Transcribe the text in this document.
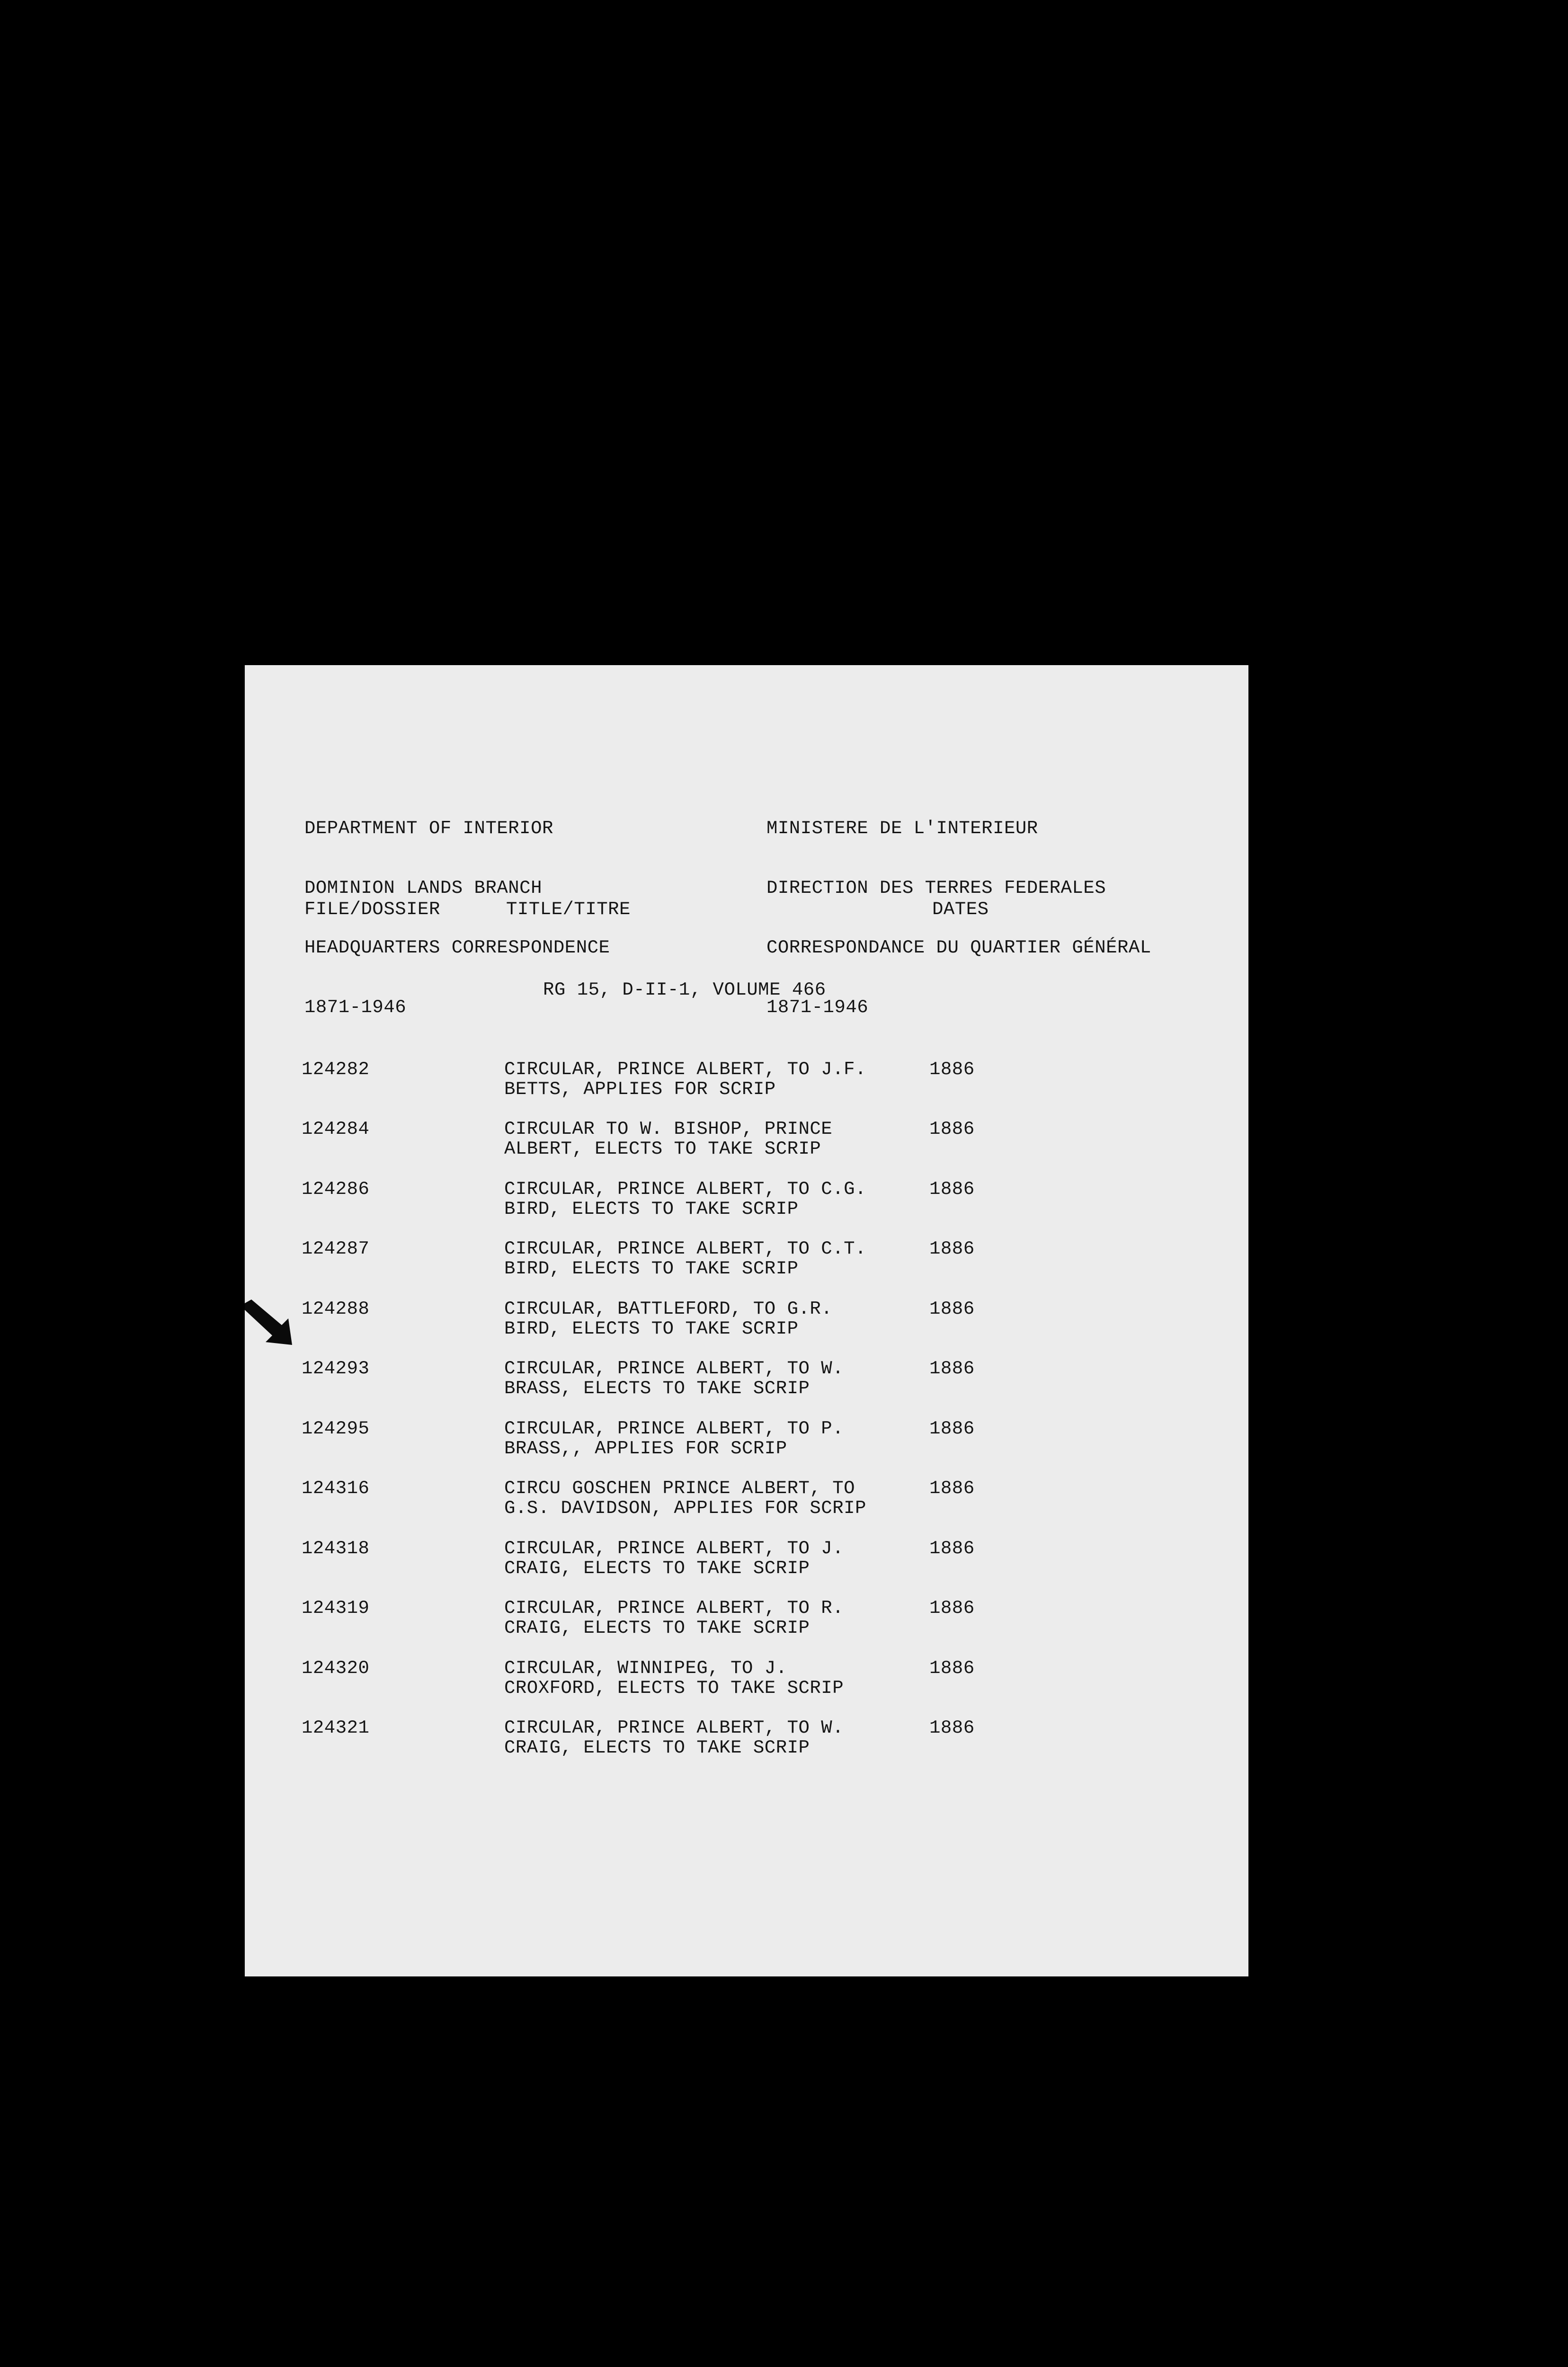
DEPARTMENT OF INTERIOR

DOMINION LANDS BRANCH

HEADQUARTERS CORRESPONDENCE

1871-1946

MINISTERE DE L'INTERIEUR

DIRECTION DES TERRES FEDERALES

CORRESPONDANCE DU QUARTIER GÉNÉRAL

1871-1946

FILE/DOSSIER	TITLE/TITRE	DATES
RG 15, D-II-1, VOLUME 466
124282	CIRCULAR, PRINCE ALBERT, TO J.F.
BETTS, APPLIES FOR SCRIP
1886
124284	CIRCULAR TO W. BISHOP, PRINCE
ALBERT, ELECTS TO TAKE SCRIP
1886
124286	CIRCULAR, PRINCE ALBERT, TO C.G.
BIRD, ELECTS TO TAKE SCRIP
1886
124287	CIRCULAR, PRINCE ALBERT, TO C.T.
BIRD, ELECTS TO TAKE SCRIP
1886
124288	CIRCULAR, BATTLEFORD, TO G.R.
BIRD, ELECTS TO TAKE SCRIP
1886
124293	CIRCULAR, PRINCE ALBERT, TO W.
BRASS, ELECTS TO TAKE SCRIP
1886
124295	CIRCULAR, PRINCE ALBERT, TO P.
BRASS,, APPLIES FOR SCRIP
1886
124316	CIRCU GOSCHEN PRINCE ALBERT, TO
G.S. DAVIDSON, APPLIES FOR SCRIP
1886
124318	CIRCULAR, PRINCE ALBERT, TO J.
CRAIG, ELECTS TO TAKE SCRIP
1886
124319	CIRCULAR, PRINCE ALBERT, TO R.
CRAIG, ELECTS TO TAKE SCRIP
1886
124320	CIRCULAR, WINNIPEG, TO J.
CROXFORD, ELECTS TO TAKE SCRIP
1886
124321	CIRCULAR, PRINCE ALBERT, TO W.
CRAIG, ELECTS TO TAKE SCRIP
1886
